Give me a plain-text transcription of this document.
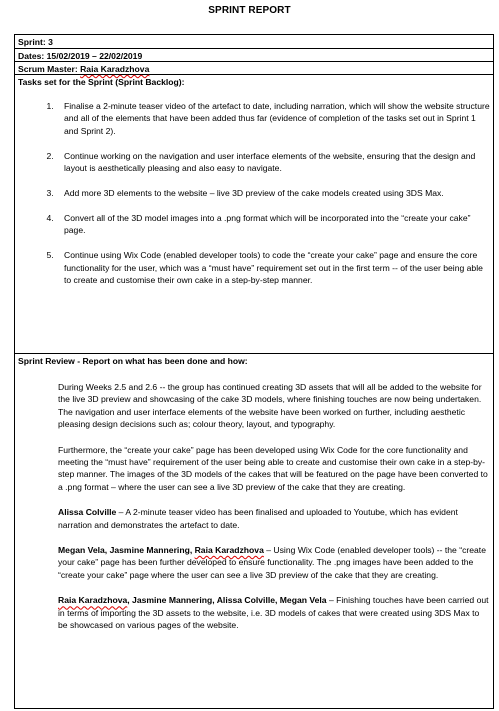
SPRINT REPORT
Sprint: 3
Dates: 15/02/2019 – 22/02/2019
Scrum Master: Raia Karadzhova
Tasks set for the Sprint (Sprint Backlog):
1. Finalise a 2-minute teaser video of the artefact to date, including narration, which will show the website structure and all of the elements that have been added thus far (evidence of completion of the tasks set out in Sprint 1 and Sprint 2).
2. Continue working on the navigation and user interface elements of the website, ensuring that the design and layout is aesthetically pleasing and also easy to navigate.
3. Add more 3D elements to the website – live 3D preview of the cake models created using 3DS Max.
4. Convert all of the 3D model images into a .png format which will be incorporated into the “create your cake” page.
5. Continue using Wix Code (enabled developer tools) to code the “create your cake” page and ensure the core functionality for the user, which was a “must have” requirement set out in the first term -- of the user being able to create and customise their own cake in a step-by-step manner.
Sprint Review - Report on what has been done and how:

During Weeks 2.5 and 2.6 -- the group has continued creating 3D assets that will all be added to the website for the live 3D preview and showcasing of the cake 3D models, where finishing touches are now being undertaken. The navigation and user interface elements of the website have been worked on further, including aesthetic pleasing design decisions such as; colour theory, layout, and typography.

Furthermore, the “create your cake” page has been developed using Wix Code for the core functionality and meeting the “must have” requirement of the user being able to create and customise their own cake in a step-by-step manner. The images of the 3D models of the cakes that will be featured on the page have been converted to a .png format – where the user can see a live 3D preview of the cake that they are creating.

Alissa Colville – A 2-minute teaser video has been finalised and uploaded to Youtube, which has evident narration and demonstrates the artefact to date.

Megan Vela, Jasmine Mannering, Raia Karadzhova – Using Wix Code (enabled developer tools) -- the “create your cake” page has been further developed to ensure functionality. The .png images have been added to the “create your cake” page where the user can see a live 3D preview of the cake that they are creating.

Raia Karadzhova, Jasmine Mannering, Alissa Colville, Megan Vela – Finishing touches have been carried out in terms of importing the 3D assets to the website, i.e. 3D models of cakes that were created using 3DS Max to be showcased on various pages of the website.
